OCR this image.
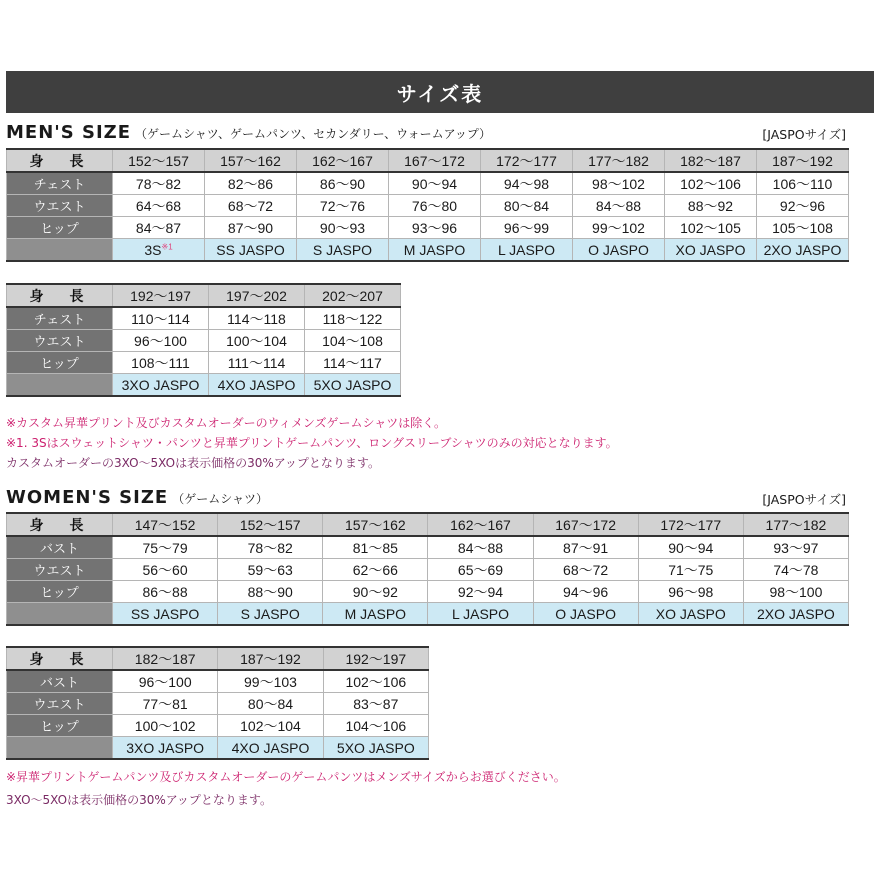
サイズ表
MEN'S SIZE （ゲームシャツ、ゲームパンツ、セカンダリー、ウォームアップ）	[JASPOサイズ]
身　長	152〜157	157〜162	162〜167	167〜172	172〜177	177〜182	182〜187	187〜192
チェスト	78〜82	82〜86	86〜90	90〜94	94〜98	98〜102	102〜106	106〜110
ウエスト	64〜68	68〜72	72〜76	76〜80	80〜84	84〜88	88〜92	92〜96
ヒップ	84〜87	87〜90	90〜93	93〜96	96〜99	99〜102	102〜105	105〜108
	$3S^{※1}$	SS JASPO	S JASPO	M JASPO	L JASPO	O JASPO	XO JASPO	2XO JASPO
身　長	192〜197	197〜202	202〜207
チェスト	110〜114	114〜118	118〜122
ウエスト	96〜100	100〜104	104〜108
ヒップ	108〜111	111〜114	114〜117
	3XO JASPO	4XO JASPO	5XO JASPO
※カスタム昇華プリント及びカスタムオーダーのウィメンズゲームシャツは除く。
※1. 3Sはスウェットシャツ・パンツと昇華プリントゲームパンツ、ロングスリーブシャツのみの対応となります。
カスタムオーダーの3XO〜5XOは表示価格の30%アップとなります。
WOMEN'S SIZE （ゲームシャツ）	[JASPOサイズ]
身　長	147〜152	152〜157	157〜162	162〜167	167〜172	172〜177	177〜182
バスト	75〜79	78〜82	81〜85	84〜88	87〜91	90〜94	93〜97
ウエスト	56〜60	59〜63	62〜66	65〜69	68〜72	71〜75	74〜78
ヒップ	86〜88	88〜90	90〜92	92〜94	94〜96	96〜98	98〜100
	SS JASPO	S JASPO	M JASPO	L JASPO	O JASPO	XO JASPO	2XO JASPO
身　長	182〜187	187〜192	192〜197
バスト	96〜100	99〜103	102〜106
ウエスト	77〜81	80〜84	83〜87
ヒップ	100〜102	102〜104	104〜106
	3XO JASPO	4XO JASPO	5XO JASPO
※昇華プリントゲームパンツ及びカスタムオーダーのゲームパンツはメンズサイズからお選びください。
3XO〜5XOは表示価格の30%アップとなります。
